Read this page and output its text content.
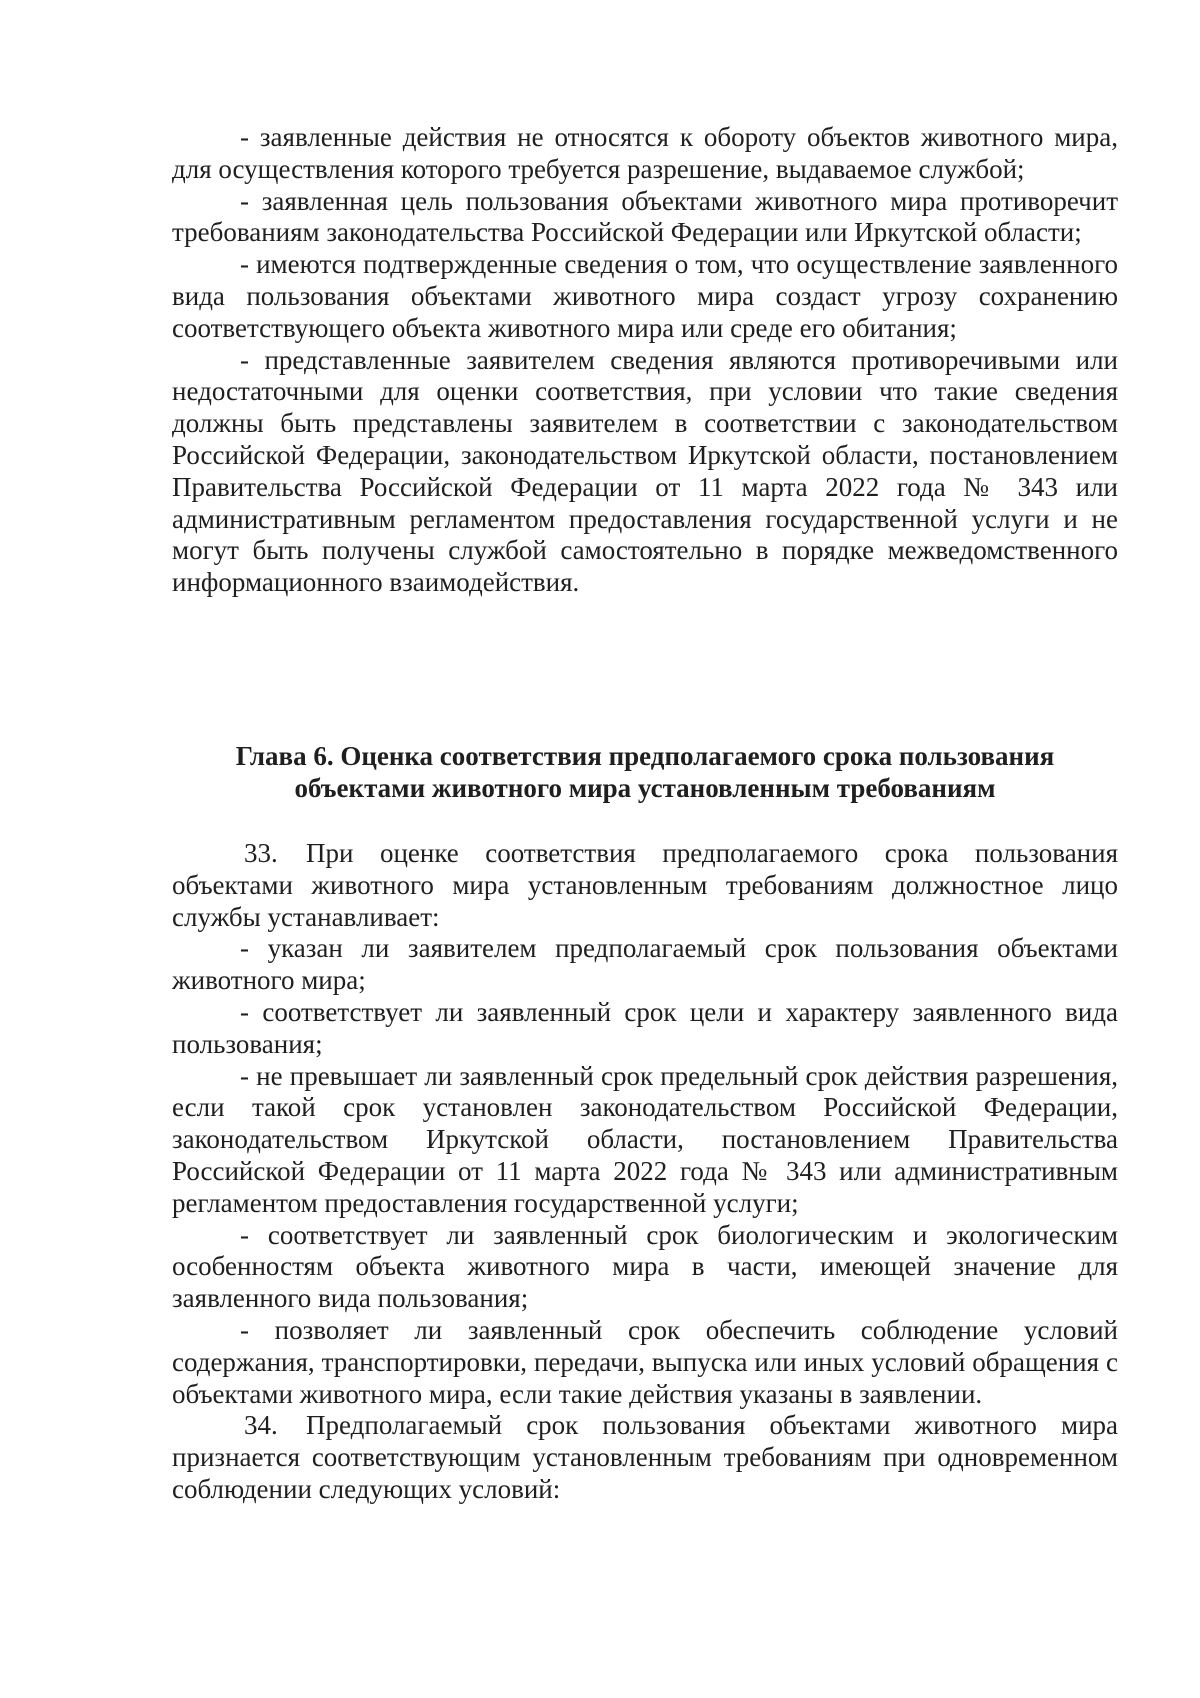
- заявленные действия не относятся к обороту объектов животного мира, для осуществления которого требуется разрешение, выдаваемое службой;

- заявленная цель пользования объектами животного мира противоречит требованиям законодательства Российской Федерации или Иркутской области;

- имеются подтвержденные сведения о том, что осуществление заявленного вида пользования объектами животного мира создаст угрозу сохранению соответствующего объекта животного мира или среде его обитания;

- представленные заявителем сведения являются противоречивыми или недостаточными для оценки соответствия, при условии что такие сведения должны быть представлены заявителем в соответствии с законодательством Российской Федерации, законодательством Иркутской области, постановлением Правительства Российской Федерации от 11 марта 2022 года № 343 или административным регламентом предоставления государственной услуги и не могут быть получены службой самостоятельно в порядке межведомственного информационного взаимодействия.

Глава 6. Оценка соответствия предполагаемого срока пользования
объектами животного мира установленным требованиям

33. При оценке соответствия предполагаемого срока пользования объектами животного мира установленным требованиям должностное лицо службы устанавливает:

- указан ли заявителем предполагаемый срок пользования объектами животного мира;

- соответствует ли заявленный срок цели и характеру заявленного вида пользования;

- не превышает ли заявленный срок предельный срок действия разрешения, если такой срок установлен законодательством Российской Федерации, законодательством Иркутской области, постановлением Правительства Российской Федерации от 11 марта 2022 года № 343 или административным регламентом предоставления государственной услуги;

- соответствует ли заявленный срок биологическим и экологическим особенностям объекта животного мира в части, имеющей значение для заявленного вида пользования;

- позволяет ли заявленный срок обеспечить соблюдение условий содержания, транспортировки, передачи, выпуска или иных условий обращения с объектами животного мира, если такие действия указаны в заявлении.

34. Предполагаемый срок пользования объектами животного мира признается соответствующим установленным требованиям при одновременном соблюдении следующих условий:
